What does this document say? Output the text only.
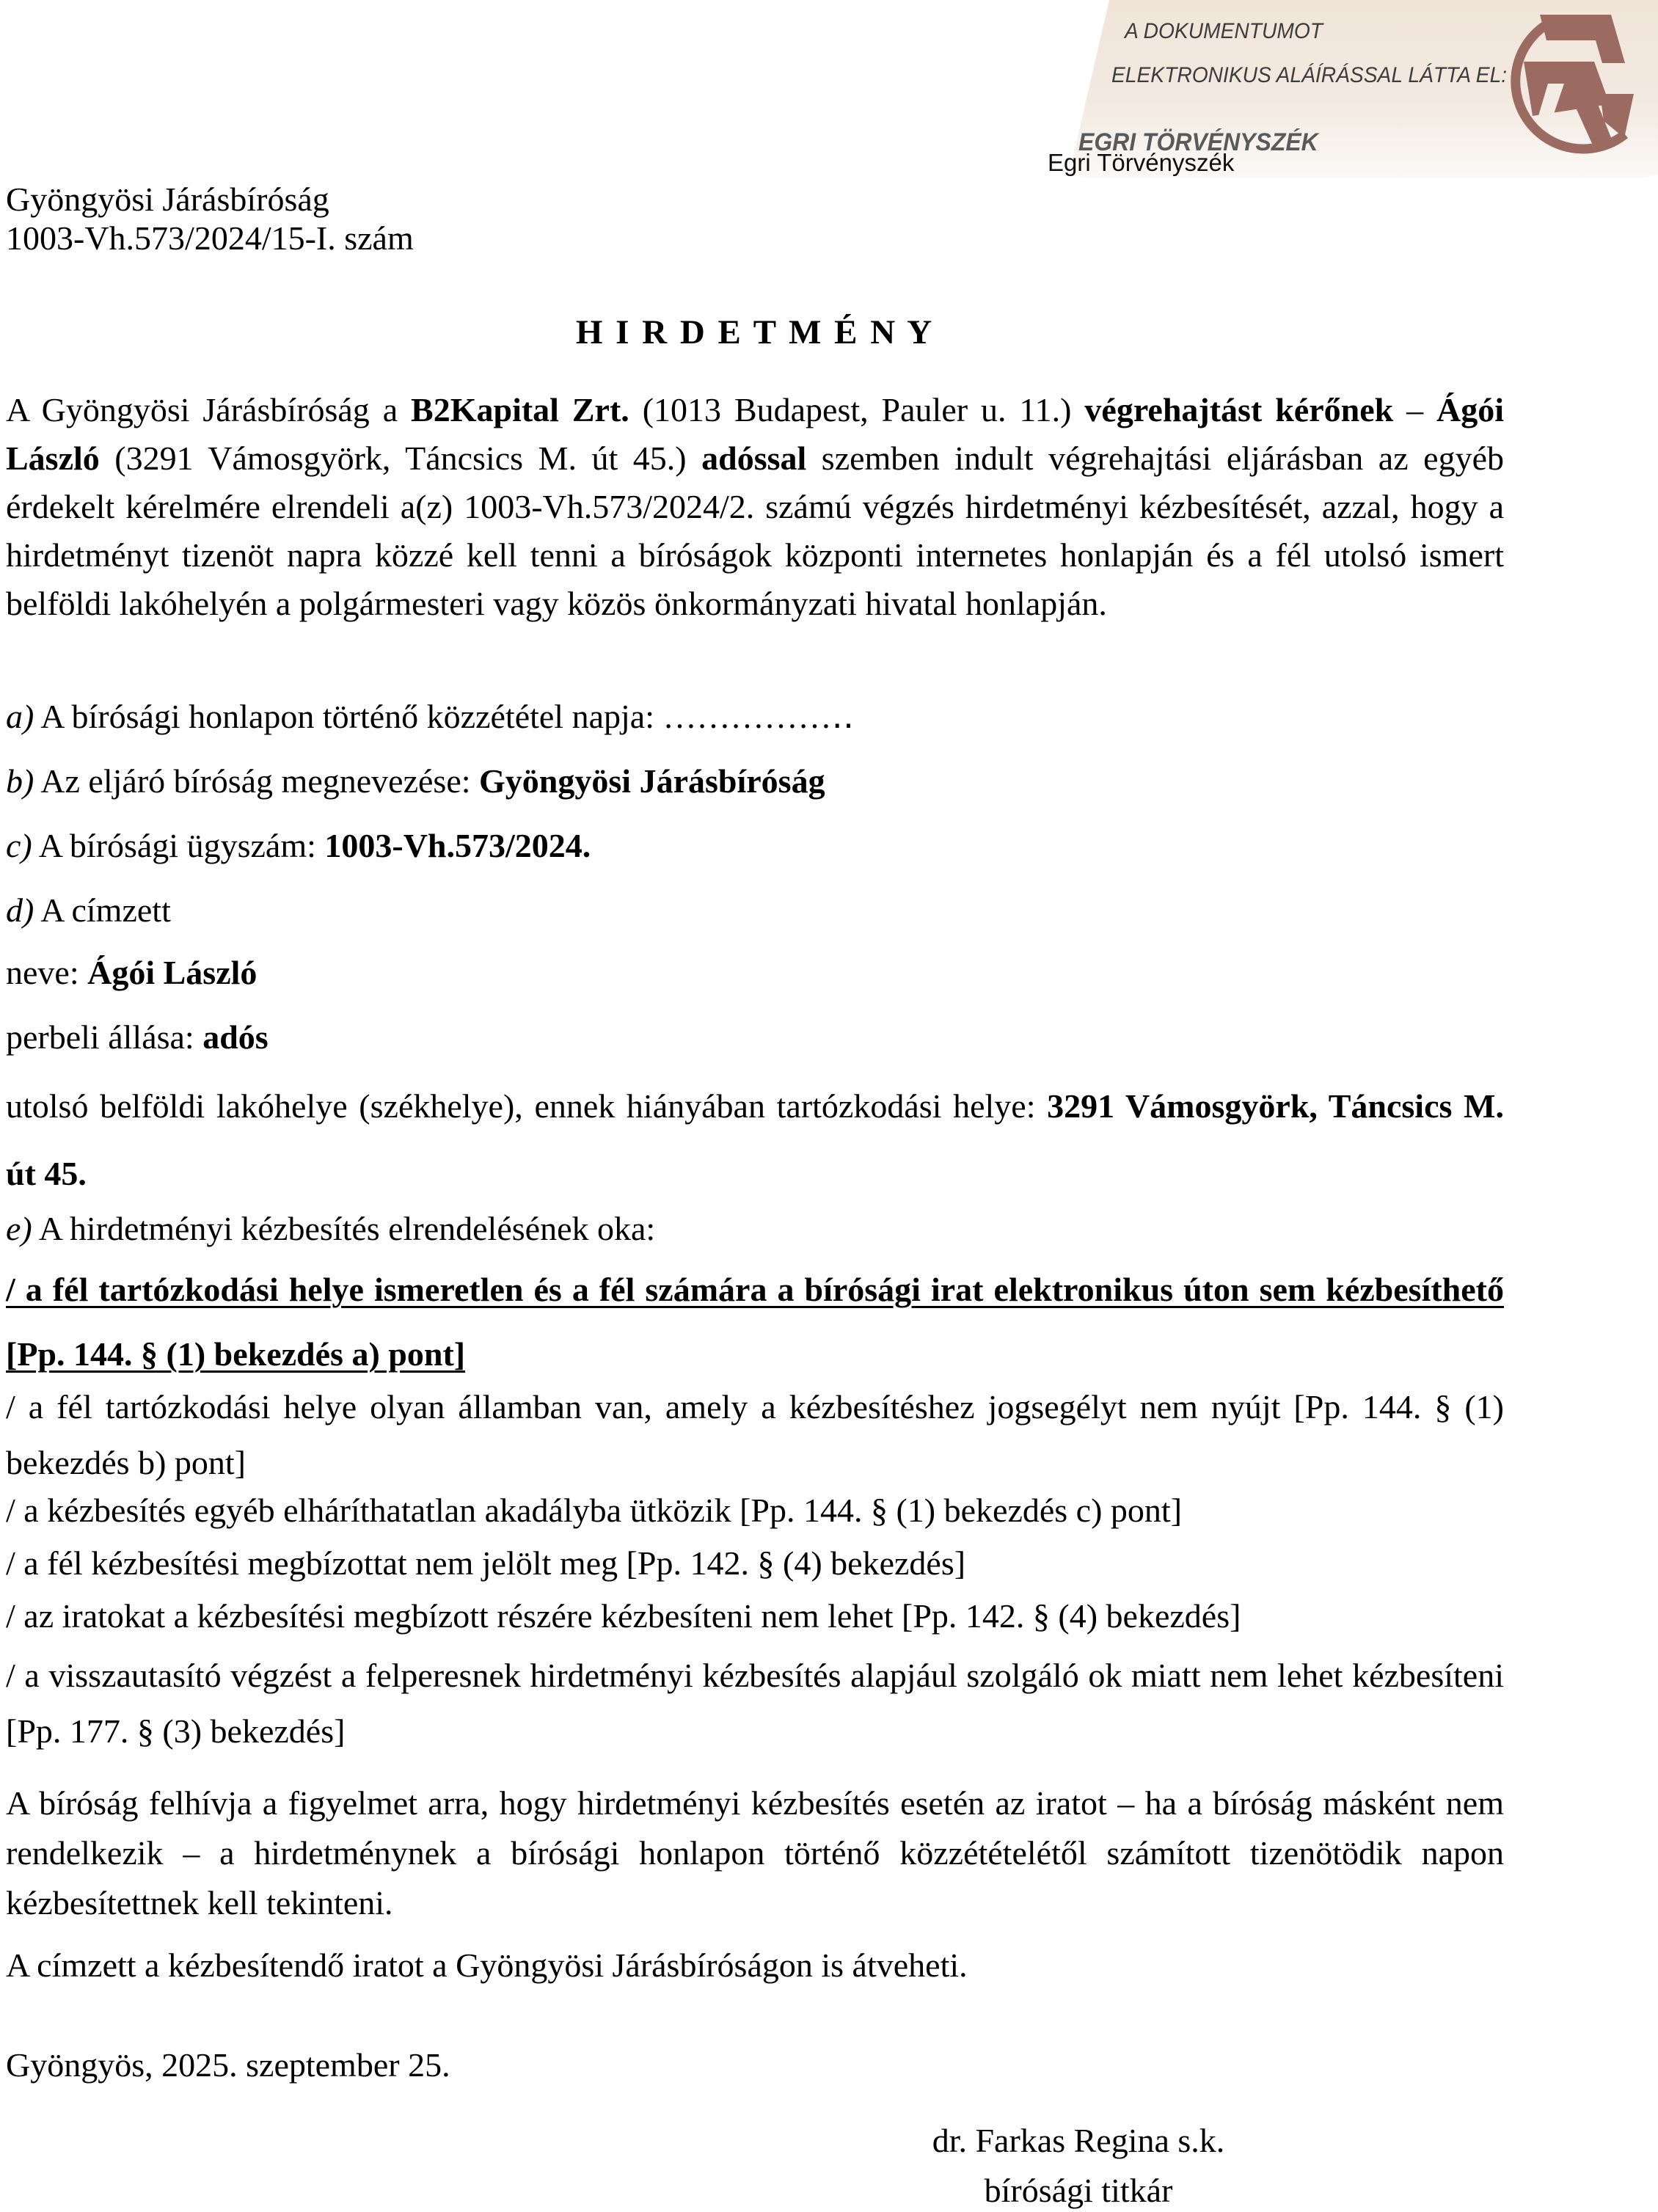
A DOKUMENTUMOT
ELEKTRONIKUS ALÁÍRÁSSAL LÁTTA EL:
EGRI TÖRVÉNYSZÉK
Egri Törvényszék
Gyöngyösi Járásbíróság
1003-Vh.573/2024/15-I. szám
H I R D E T M É N Y
A Gyöngyösi Járásbíróság a B2Kapital Zrt. (1013 Budapest, Pauler u. 11.) végrehajtást kérőnek – Ágói László (3291 Vámosgyörk, Táncsics M. út 45.) adóssal szemben indult végrehajtási eljárásban az egyéb érdekelt kérelmére elrendeli a(z) 1003-Vh.573/2024/2. számú végzés hirdetményi kézbesítését, azzal, hogy a hirdetményt tizenöt napra közzé kell tenni a bíróságok központi internetes honlapján és a fél utolsó ismert belföldi lakóhelyén a polgármesteri vagy közös önkormányzati hivatal honlapján.
a) A bírósági honlapon történő közzététel napja: ……………‥
b) Az eljáró bíróság megnevezése: Gyöngyösi Járásbíróság
c) A bírósági ügyszám: 1003-Vh.573/2024.
d) A címzett
neve: Ágói László
perbeli állása: adós
utolsó belföldi lakóhelye (székhelye), ennek hiányában tartózkodási helye: 3291 Vámosgyörk, Táncsics M. út 45.
e) A hirdetményi kézbesítés elrendelésének oka:
/ a fél tartózkodási helye ismeretlen és a fél számára a bírósági irat elektronikus úton sem kézbesíthető [Pp. 144. § (1) bekezdés a) pont]
/ a fél tartózkodási helye olyan államban van, amely a kézbesítéshez jogsegélyt nem nyújt [Pp. 144. § (1) bekezdés b) pont]
/ a kézbesítés egyéb elháríthatatlan akadályba ütközik [Pp. 144. § (1) bekezdés c) pont]
/ a fél kézbesítési megbízottat nem jelölt meg [Pp. 142. § (4) bekezdés]
/ az iratokat a kézbesítési megbízott részére kézbesíteni nem lehet [Pp. 142. § (4) bekezdés]
/ a visszautasító végzést a felperesnek hirdetményi kézbesítés alapjául szolgáló ok miatt nem lehet kézbesíteni [Pp. 177. § (3) bekezdés]
A bíróság felhívja a figyelmet arra, hogy hirdetményi kézbesítés esetén az iratot – ha a bíróság másként nem rendelkezik – a hirdetménynek a bírósági honlapon történő közzétételétől számított tizenötödik napon kézbesítettnek kell tekinteni.
A címzett a kézbesítendő iratot a Gyöngyösi Járásbíróságon is átveheti.
Gyöngyös, 2025. szeptember 25.
dr. Farkas Regina s.k.
bírósági titkár
